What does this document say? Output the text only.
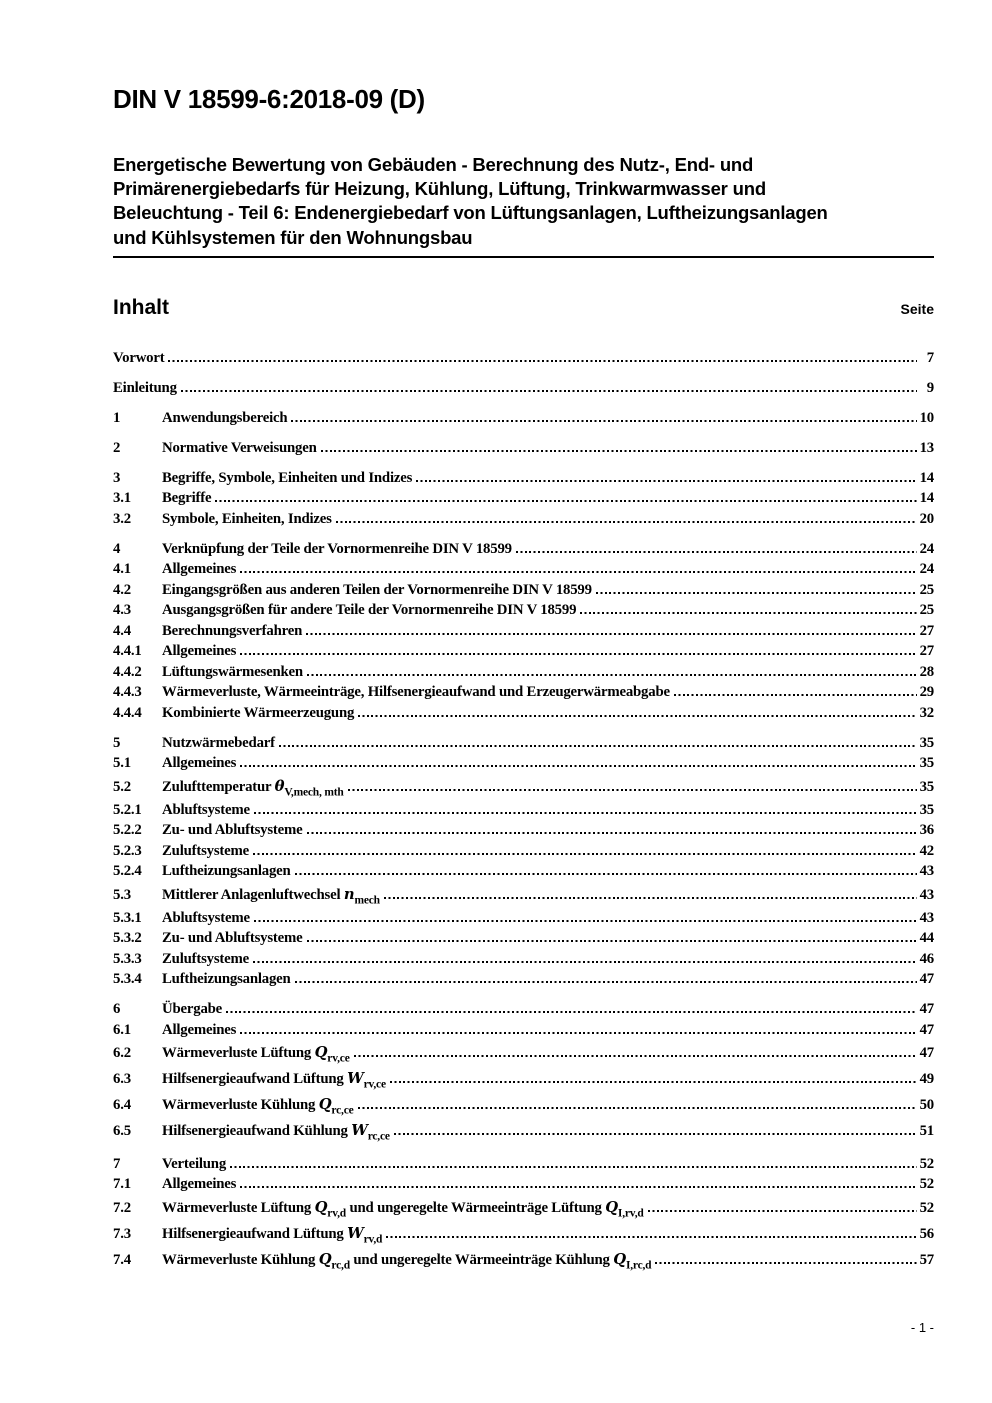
DIN V 18599-6:2018-09 (D)
Energetische Bewertung von Gebäuden - Berechnung des Nutz-, End- und
Primärenergiebedarfs für Heizung, Kühlung, Lüftung, Trinkwarmwasser und
Beleuchtung - Teil 6: Endenergiebedarf von Lüftungsanlagen, Luftheizungsanlagen
und Kühlsystemen für den Wohnungsbau
Inhalt	Seite
Vorwort	7
Einleitung	9
1	Anwendungsbereich	10
2	Normative Verweisungen	13
3	Begriffe, Symbole, Einheiten und Indizes	14
3.1	Begriffe	14
3.2	Symbole, Einheiten, Indizes	20
4	Verknüpfung der Teile der Vornormenreihe DIN V 18599	24
4.1	Allgemeines	24
4.2	Eingangsgrößen aus anderen Teilen der Vornormenreihe DIN V 18599	25
4.3	Ausgangsgrößen für andere Teile der Vornormenreihe DIN V 18599	25
4.4	Berechnungsverfahren	27
4.4.1	Allgemeines	27
4.4.2	Lüftungswärmesenken	28
4.4.3	Wärmeverluste, Wärmeeinträge, Hilfsenergieaufwand und Erzeugerwärmeabgabe	29
4.4.4	Kombinierte Wärmeerzeugung	32
5	Nutzwärmebedarf	35
5.1	Allgemeines	35
5.2	Zulufttemperatur $\theta_{V,mech, mth}$	35
5.2.1	Abluftsysteme	35
5.2.2	Zu- und Abluftsysteme	36
5.2.3	Zuluftsysteme	42
5.2.4	Luftheizungsanlagen	43
5.3	Mittlerer Anlagenluftwechsel $n_{mech}$	43
5.3.1	Abluftsysteme	43
5.3.2	Zu- und Abluftsysteme	44
5.3.3	Zuluftsysteme	46
5.3.4	Luftheizungsanlagen	47
6	Übergabe	47
6.1	Allgemeines	47
6.2	Wärmeverluste Lüftung $Q_{rv,ce}$	47
6.3	Hilfsenergieaufwand Lüftung $W_{rv,ce}$	49
6.4	Wärmeverluste Kühlung $Q_{rc,ce}$	50
6.5	Hilfsenergieaufwand Kühlung $W_{rc,ce}$	51
7	Verteilung	52
7.1	Allgemeines	52
7.2	Wärmeverluste Lüftung $Q_{rv,d}$ und ungeregelte Wärmeeinträge Lüftung $Q_{I,rv,d}$	52
7.3	Hilfsenergieaufwand Lüftung $W_{rv,d}$	56
7.4	Wärmeverluste Kühlung $Q_{rc,d}$ und ungeregelte Wärmeeinträge Kühlung $Q_{I,rc,d}$	57
- 1 -
